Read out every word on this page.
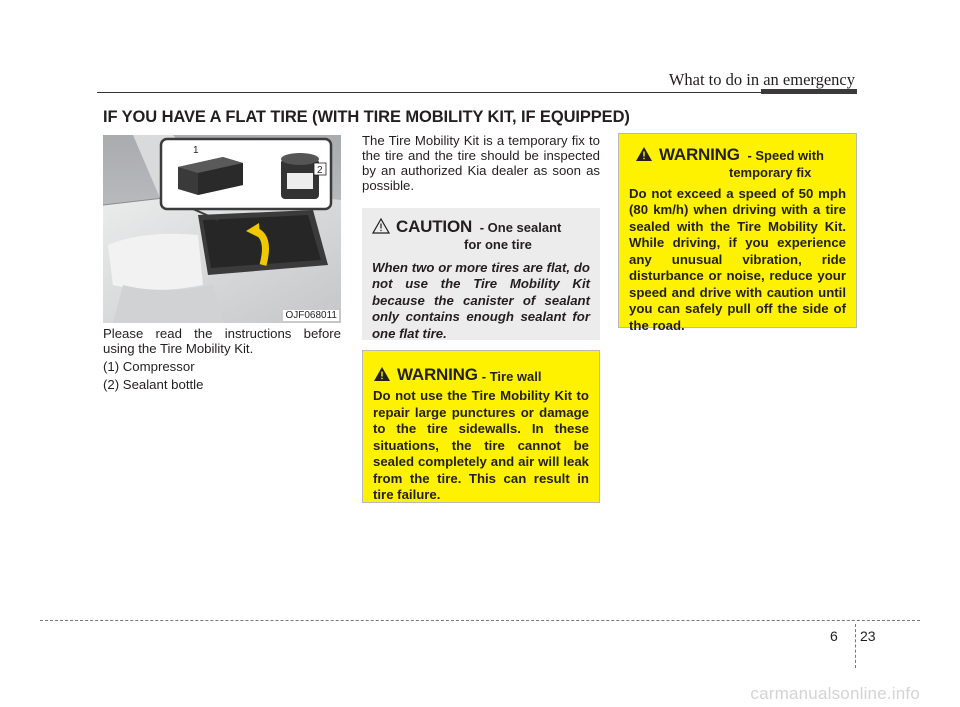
What to do in an emergency
IF YOU HAVE A FLAT TIRE (WITH TIRE MOBILITY KIT, IF EQUIPPED)
1
2
OJF068011

Please read the instructions before using the Tire Mobility Kit.

(1) Compressor

(2) Sealant bottle

The Tire Mobility Kit is a temporary fix to the tire and the tire should be inspected by an authorized Kia dealer as soon as possible.
CAUTION - One sealant
for one tire
When two or more tires are flat, do not use the Tire Mobility Kit because the canister of sealant only contains enough sealant for one flat tire.
WARNING - Tire wall
Do not use the Tire Mobility Kit to repair large punctures or damage to the tire sidewalls. In these situations, the tire cannot be sealed completely and air will leak from the tire. This can result in tire failure.
WARNING - Speed with
temporary fix
Do not exceed a speed of 50 mph (80 km/h) when driving with a tire sealed with the Tire Mobility Kit. While driving, if you experience any unusual vibration, ride disturbance or noise, reduce your speed and drive with caution until you can safely pull off the side of the road.
6 23
carmanualsonline.info
